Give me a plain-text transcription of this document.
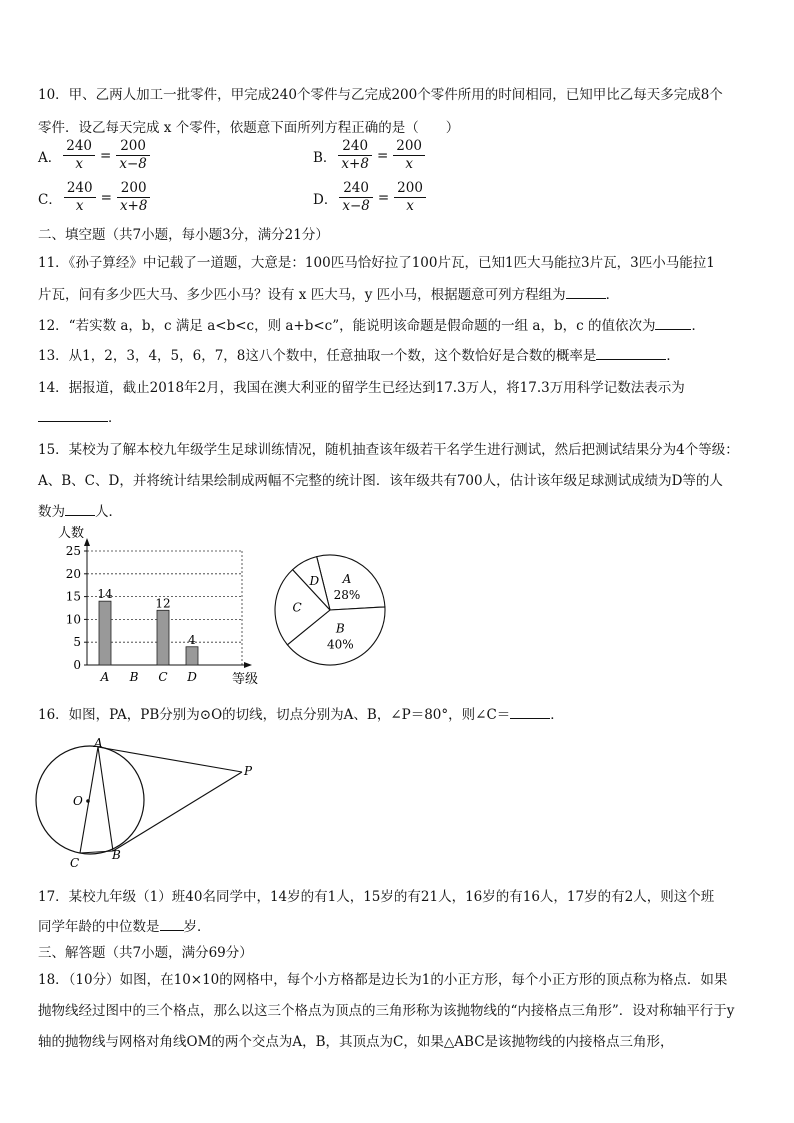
10．甲、乙两人加工一批零件，甲完成240个零件与乙完成200个零件所用的时间相同，已知甲比乙每天多完成8个
零件．设乙每天完成 x 个零件，依题意下面所列方程正确的是（　　）
A． $\frac{240}{x} = \frac{200}{x-8}$	B． $\frac{240}{x+8} = \frac{200}{x}$
C． $\frac{240}{x} = \frac{200}{x+8}$	D． $\frac{240}{x-8} = \frac{200}{x}$
二、填空题（共7小题，每小题3分，满分21分）
11．《孙子算经》中记载了一道题，大意是：100匹马恰好拉了100片瓦，已知1匹大马能拉3片瓦，3匹小马能拉1
片瓦，问有多少匹大马、多少匹小马？设有 x 匹大马，y 匹小马，根据题意可列方程组为	．
12．“若实数 a，b，c 满足 a<b<c，则 a+b<c”，能说明该命题是假命题的一组 a，b，c 的值依次为	．
13．从1，2，3，4，5，6，7，8这八个数中，任意抽取一个数，这个数恰好是合数的概率是	．
14．据报道，截止2018年2月，我国在澳大利亚的留学生已经达到17.3万人，将17.3万用科学记数法表示为
．
15．某校为了解本校九年级学生足球训练情况，随机抽查该年级若干名学生进行测试，然后把测试结果分为4个等级：
A、B、C、D，并将统计结果绘制成两幅不完整的统计图．该年级共有700人，估计该年级足球测试成绩为D等的人
数为 人．
0
5
10
15
20
25
14
A B
12
C
4
D
人数
等级
A
28%
B
40%
C
D
16．如图，PA，PB分别为⊙O的切线，切点分别为A、B，∠P＝80°，则∠C＝	．
A
P
O
C
B
17．某校九年级（1）班40名同学中，14岁的有1人，15岁的有21人，16岁的有16人，17岁的有2人，则这个班
同学年龄的中位数是 岁．
三、解答题（共7小题，满分69分）
18．（10分）如图，在10×10的网格中，每个小方格都是边长为1的小正方形，每个小正方形的顶点称为格点．如果
抛物线经过图中的三个格点，那么以这三个格点为顶点的三角形称为该抛物线的“内接格点三角形”．设对称轴平行于y
轴的抛物线与网格对角线OM的两个交点为A，B，其顶点为C，如果△ABC是该抛物线的内接格点三角形，
